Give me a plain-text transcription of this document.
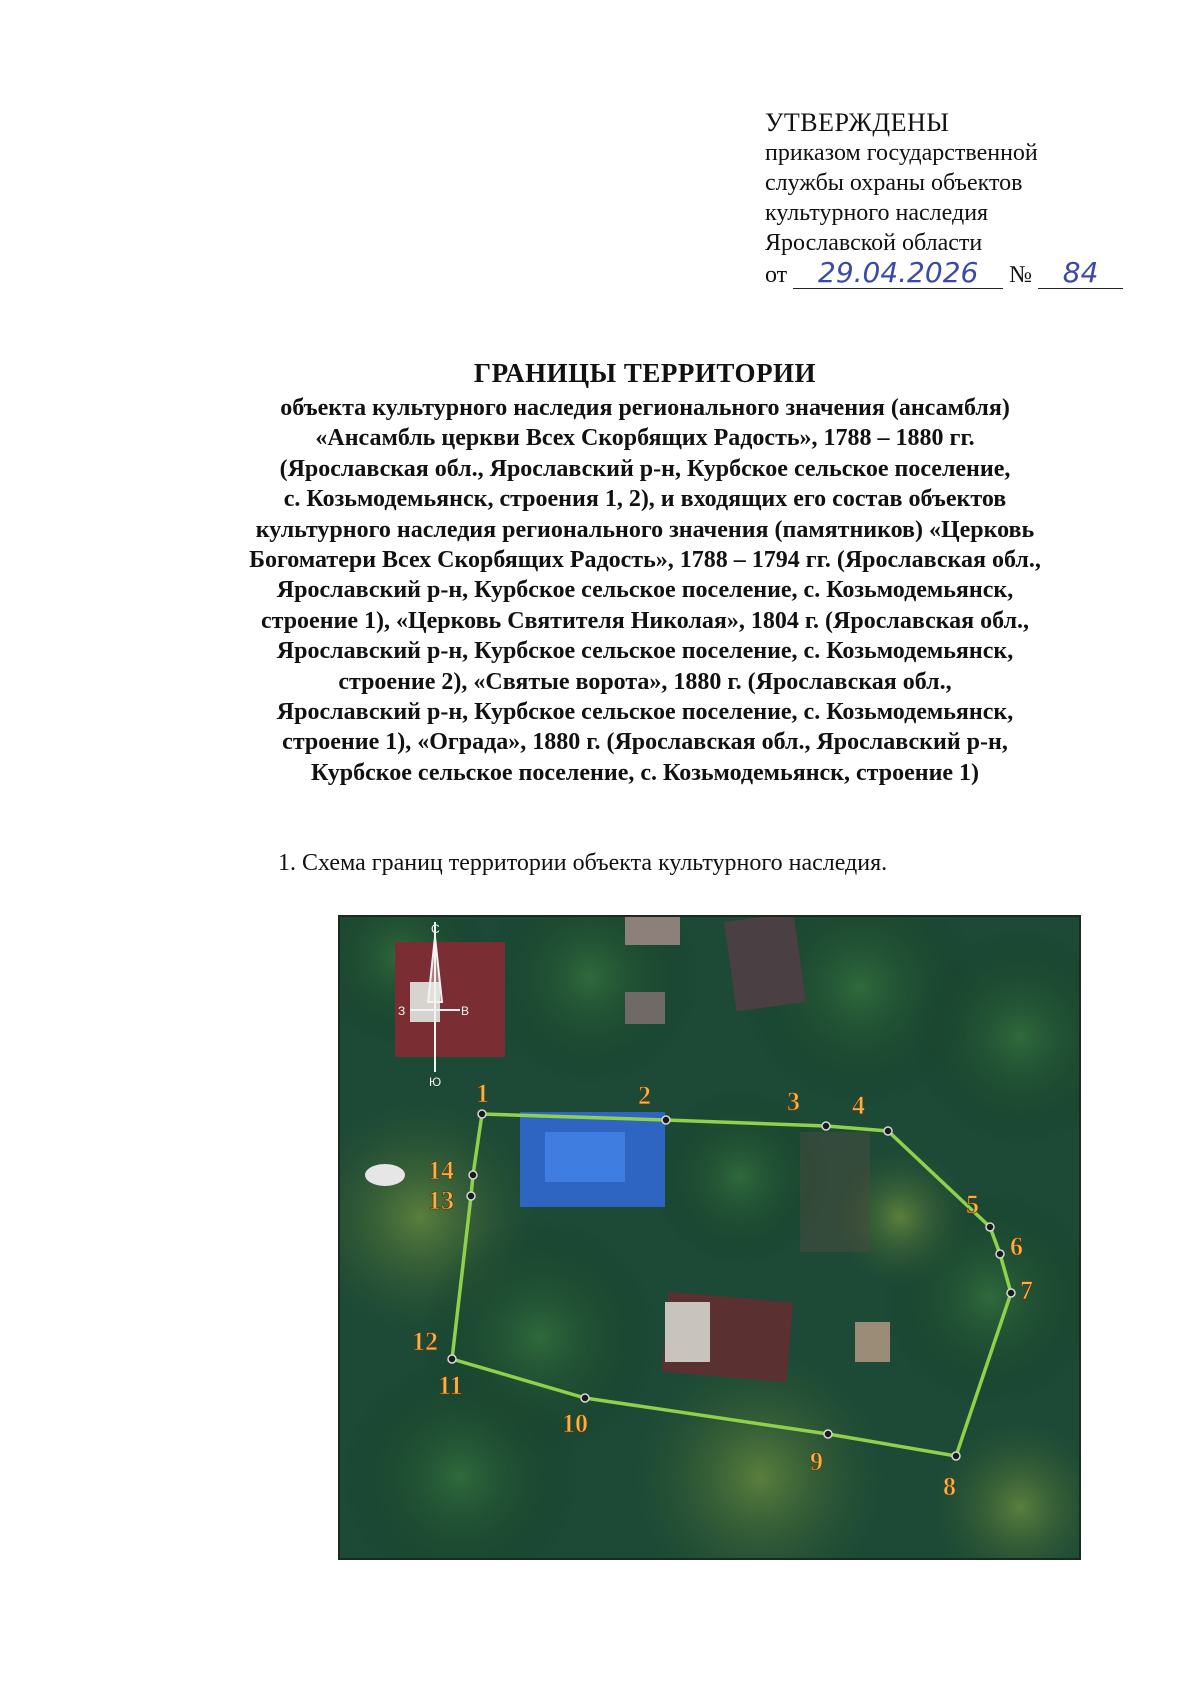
УТВЕРЖДЕНЫ
приказом государственной
службы охраны объектов
культурного наследия
Ярославской области
от	29.04.2026	№	84
ГРАНИЦЫ ТЕРРИТОРИИ
объекта культурного наследия регионального значения (ансамбля)
«Ансамбль церкви Всех Скорбящих Радость», 1788 – 1880 гг.
(Ярославская обл., Ярославский р-н, Курбское сельское поселение,
с. Козьмодемьянск, строения 1, 2), и входящих его состав объектов
культурного наследия регионального значения (памятников) «Церковь
Богоматери Всех Скорбящих Радость», 1788 – 1794 гг. (Ярославская обл.,
Ярославский р-н, Курбское сельское поселение, с. Козьмодемьянск,
строение 1), «Церковь Святителя Николая», 1804 г. (Ярославская обл.,
Ярославский р-н, Курбское сельское поселение, с. Козьмодемьянск,
строение 2), «Святые ворота», 1880 г. (Ярославская обл.,
Ярославский р-н, Курбское сельское поселение, с. Козьмодемьянск,
строение 1), «Ограда», 1880 г. (Ярославская обл., Ярославский р-н,
Курбское сельское поселение, с. Козьмодемьянск, строение 1)
1. Схема границ территории объекта культурного наследия.
С
Ю
З	В
1	2	3 4
5
6
7
8
9
10
11
12
13
14
